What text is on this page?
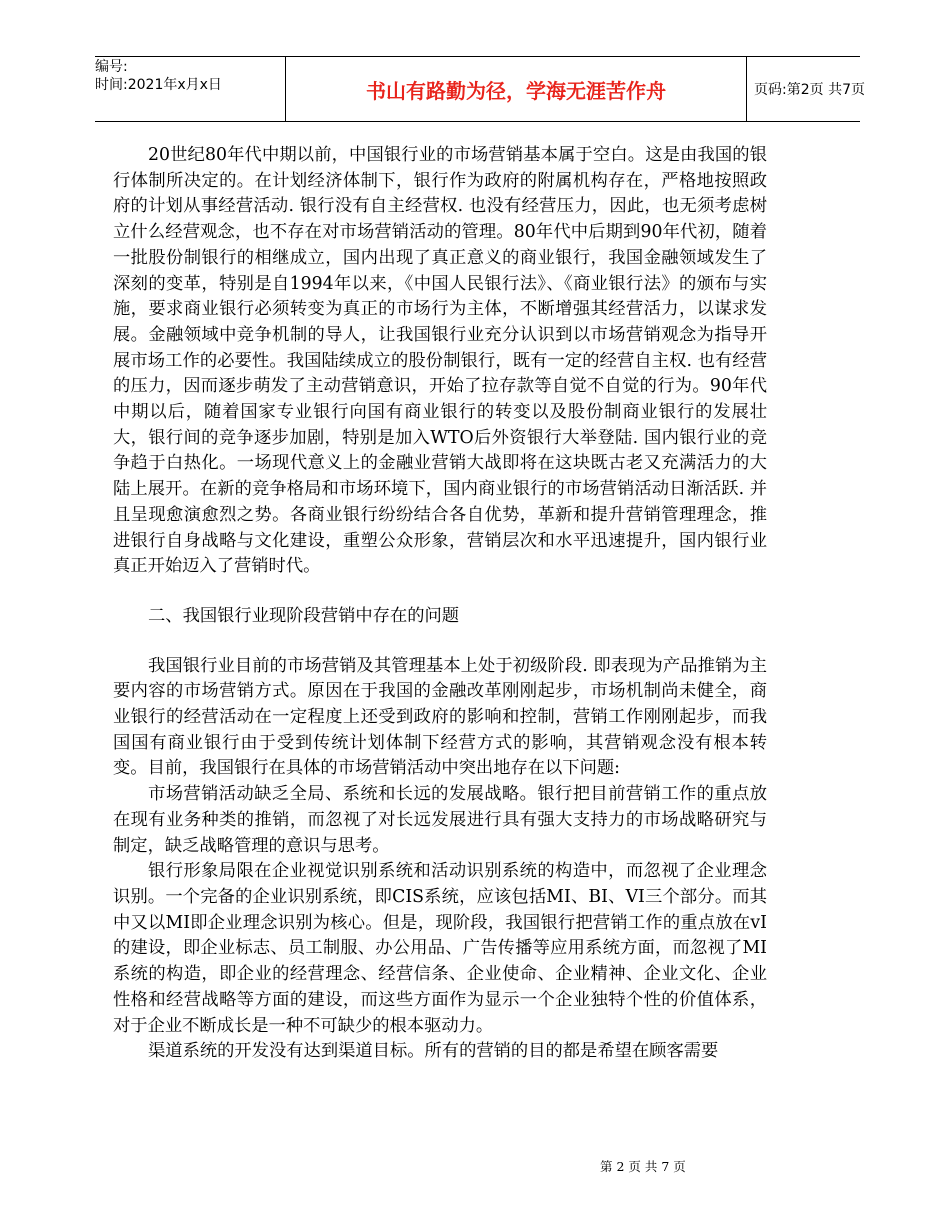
编号:
时间:2021年x月x日	书山有路勤为径，学海无涯苦作舟	页码:第2页 共7页

20世纪80年代中期以前，中国银行业的市场营销基本属于空白。这是由我国的银行体制所决定的。在计划经济体制下，银行作为政府的附属机构存在，严格地按照政府的计划从事经营活动. 银行没有自主经营权. 也没有经营压力，因此，也无须考虑树立什么经营观念，也不存在对市场营销活动的管理。80年代中后期到90年代初，随着一批股份制银行的相继成立，国内出现了真正意义的商业银行，我国金融领域发生了深刻的变革，特别是自1994年以来，《中国人民银行法》、《商业银行法》的颁布与实施，要求商业银行必须转变为真正的市场行为主体，不断增强其经营活力，以谋求发展。金融领域中竞争机制的导人，让我国银行业充分认识到以市场营销观念为指导开展市场工作的必要性。我国陆续成立的股份制银行，既有一定的经营自主权. 也有经营的压力，因而逐步萌发了主动营销意识，开始了拉存款等自觉不自觉的行为。90年代中期以后，随着国家专业银行向国有商业银行的转变以及股份制商业银行的发展壮大，银行间的竞争逐步加剧，特别是加入WTO后外资银行大举登陆. 国内银行业的竞争趋于白热化。一场现代意义上的金融业营销大战即将在这块既古老又充满活力的大陆上展开。在新的竞争格局和市场环境下，国内商业银行的市场营销活动日渐活跃. 并且呈现愈演愈烈之势。各商业银行纷纷结合各自优势，革新和提升营销管理理念，推进银行自身战略与文化建设，重塑公众形象，营销层次和水平迅速提升，国内银行业真正开始迈入了营销时代。

二、我国银行业现阶段营销中存在的问题

我国银行业目前的市场营销及其管理基本上处于初级阶段. 即表现为产品推销为主要内容的市场营销方式。原因在于我国的金融改革刚刚起步，市场机制尚未健全，商业银行的经营活动在一定程度上还受到政府的影响和控制，营销工作刚刚起步，而我国国有商业银行由于受到传统计划体制下经营方式的影响，其营销观念没有根本转变。目前，我国银行在具体的市场营销活动中突出地存在以下问题:

市场营销活动缺乏全局、系统和长远的发展战略。银行把目前营销工作的重点放在现有业务种类的推销，而忽视了对长远发展进行具有强大支持力的市场战略研究与制定，缺乏战略管理的意识与思考。

银行形象局限在企业视觉识别系统和活动识别系统的构造中，而忽视了企业理念识别。一个完备的企业识别系统，即CIS系统，应该包括MI、BI、VI三个部分。而其中又以MI即企业理念识别为核心。但是，现阶段，我国银行把营销工作的重点放在vI的建设，即企业标志、员工制服、办公用品、广告传播等应用系统方面，而忽视了MI系统的构造，即企业的经营理念、经营信条、企业使命、企业精神、企业文化、企业性格和经营战略等方面的建设，而这些方面作为显示一个企业独特个性的价值体系，对于企业不断成长是一种不可缺少的根本驱动力。

渠道系统的开发没有达到渠道目标。所有的营销的目的都是希望在顾客需要

第 2 页 共 7 页
